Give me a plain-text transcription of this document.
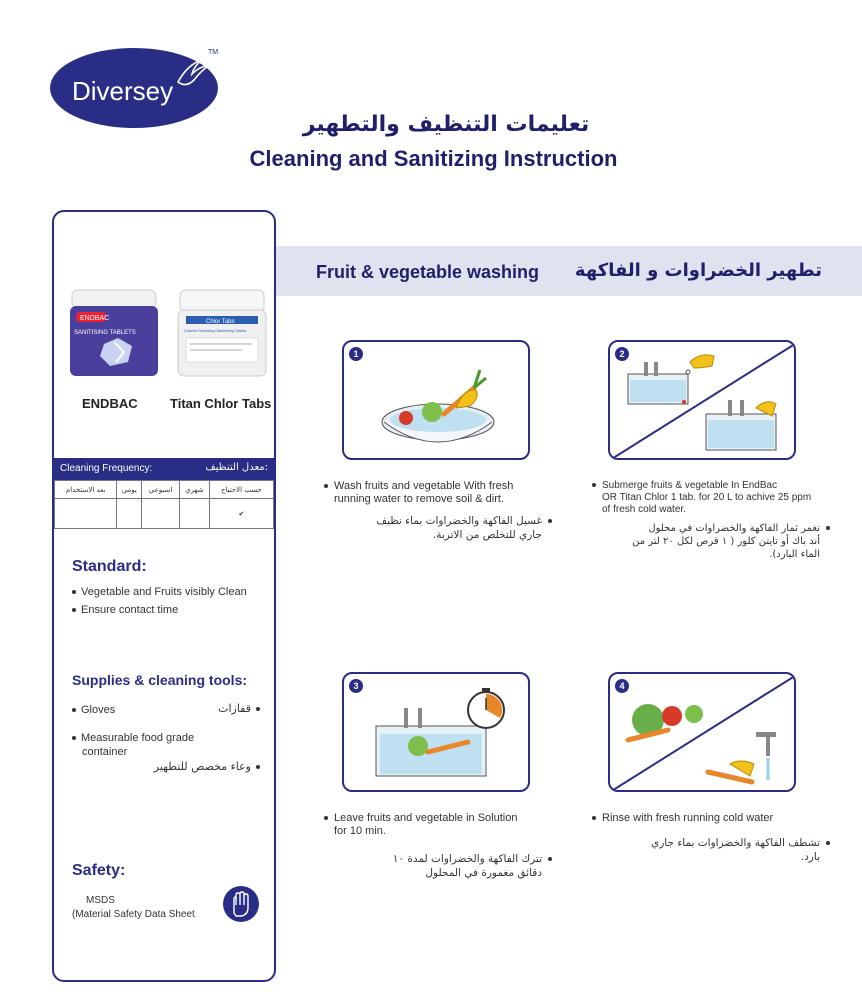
Diversey
TM
تعليمات التنظيف والتطهير
Cleaning and Sanitizing Instruction
ENDBAC
SANITISING TABLETS
Chlor Tabs
Chlorine Releasing Disinfecting Tablets
ENDBAC Titan Chlor Tabs
Cleaning Frequency:	معدل التنظيف:
بعد الاستخدام	يومي	اسبوعي	شهري	حسب الاحتياج
				✔
Standard:
Vegetable and Fruits visibly Clean
Ensure contact time
Supplies & cleaning tools:
Gloves	قفازات
Measurable food grade
container
وعاء مخصص للتطهير
Safety:
MSDS
(Material Safety Data Sheet
Fruit & vegetable washing تطهير الخضراوات و الفاكهة
1
Wash fruits and vegetable With fresh
running water to remove soil & dirt.
غسيل الفاكهة والخضراوات بماء نظيف
جاري للتخلص من الاتربة.
2
Submerge fruits & vegetable In EndBac
OR Titan Chlor 1 tab. for 20 L to achive 25 ppm
of fresh cold water.
تغمر ثمار الفاكهة والخضراوات في محلول
أند باك أو تايتن كلور ( ١ قرص لكل ٢٠ لتر من
الماء البارد).
3
Leave fruits and vegetable in Solution
for 10 min.
تترك الفاكهة والخضراوات لمدة ١٠
دقائق مغمورة في المحلول
4
Rinse with fresh running cold water
تشطف الفاكهة والخضراوات بماء جاري
بارد.
